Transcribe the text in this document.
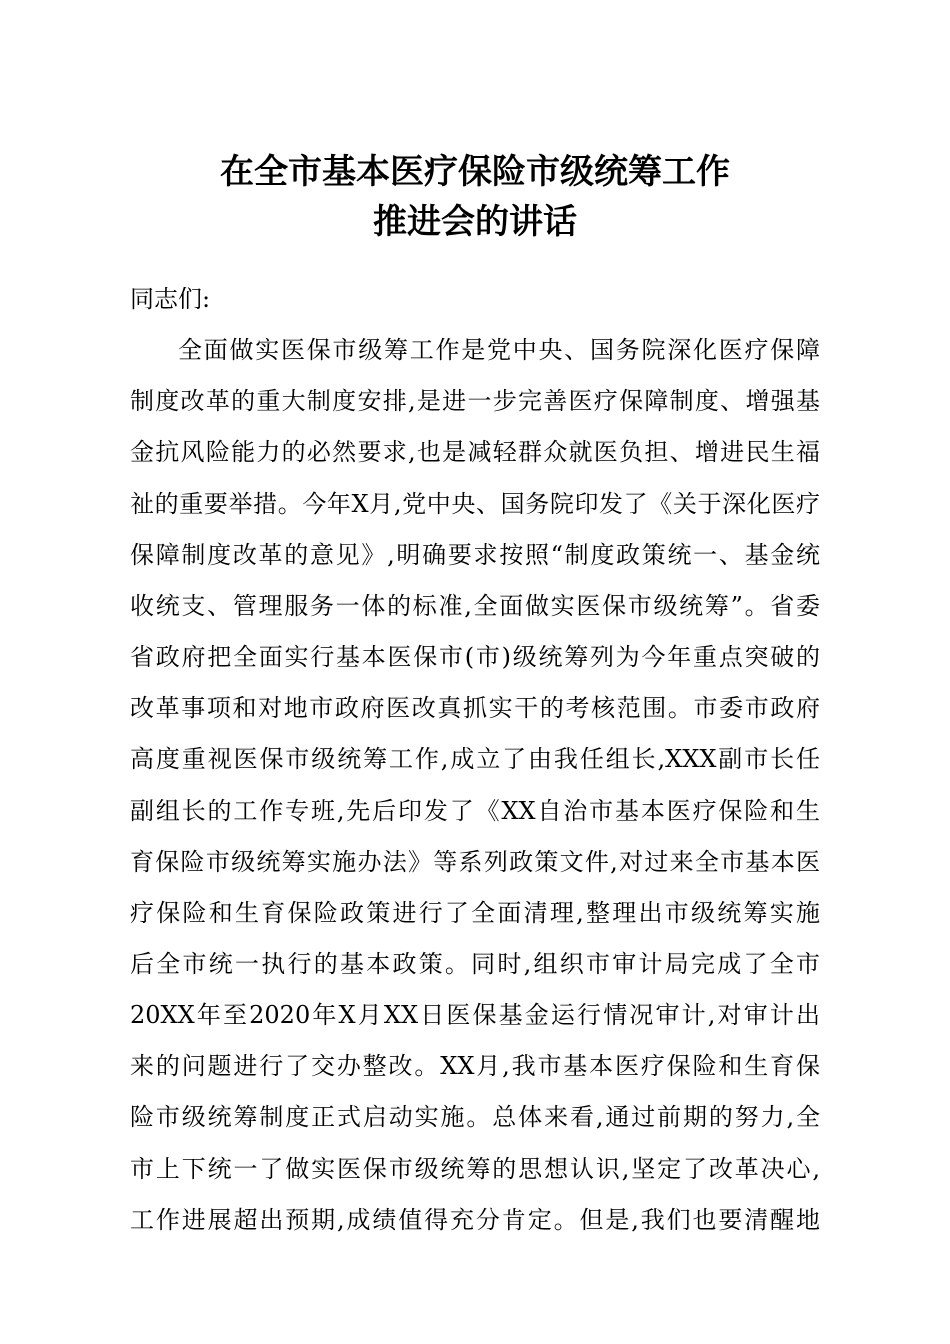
在全市基本医疗保险市级统筹工作
推进会的讲话
同志们:
全面做实医保市级筹工作是党中央、国务院深化医疗保障
制度改革的重大制度安排,是进一步完善医疗保障制度、增强基
金抗风险能力的必然要求,也是减轻群众就医负担、增进民生福
祉的重要举措。今年X月,党中央、国务院印发了《关于深化医疗
保障制度改革的意见》,明确要求按照“制度政策统一、基金统
收统支、管理服务一体的标准,全面做实医保市级统筹”。省委
省政府把全面实行基本医保市(市)级统筹列为今年重点突破的
改革事项和对地市政府医改真抓实干的考核范围。市委市政府
高度重视医保市级统筹工作,成立了由我任组长,XXX副市长任
副组长的工作专班,先后印发了《XX自治市基本医疗保险和生
育保险市级统筹实施办法》等系列政策文件,对过来全市基本医
疗保险和生育保险政策进行了全面清理,整理出市级统筹实施
后全市统一执行的基本政策。同时,组织市审计局完成了全市
20XX年至2020年X月XX日医保基金运行情况审计,对审计出
来的问题进行了交办整改。XX月,我市基本医疗保险和生育保
险市级统筹制度正式启动实施。总体来看,通过前期的努力,全
市上下统一了做实医保市级统筹的思想认识,坚定了改革决心,
工作进展超出预期,成绩值得充分肯定。但是,我们也要清醒地
